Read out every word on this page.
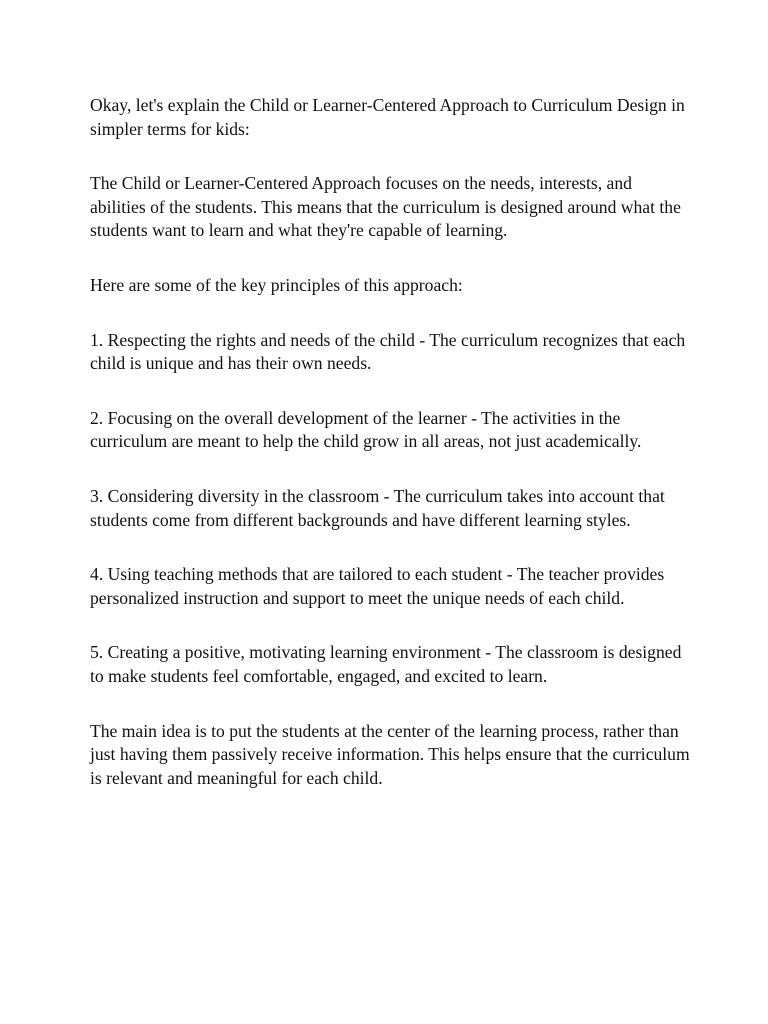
Okay, let's explain the Child or Learner-Centered Approach to Curriculum Design in simpler terms for kids:

The Child or Learner-Centered Approach focuses on the needs, interests, and abilities of the students. This means that the curriculum is designed around what the students want to learn and what they're capable of learning.

Here are some of the key principles of this approach:

1. Respecting the rights and needs of the child - The curriculum recognizes that each child is unique and has their own needs.

2. Focusing on the overall development of the learner - The activities in the curriculum are meant to help the child grow in all areas, not just academically.

3. Considering diversity in the classroom - The curriculum takes into account that students come from different backgrounds and have different learning styles.

4. Using teaching methods that are tailored to each student - The teacher provides personalized instruction and support to meet the unique needs of each child.

5. Creating a positive, motivating learning environment - The classroom is designed to make students feel comfortable, engaged, and excited to learn.

The main idea is to put the students at the center of the learning process, rather than just having them passively receive information. This helps ensure that the curriculum is relevant and meaningful for each child.
